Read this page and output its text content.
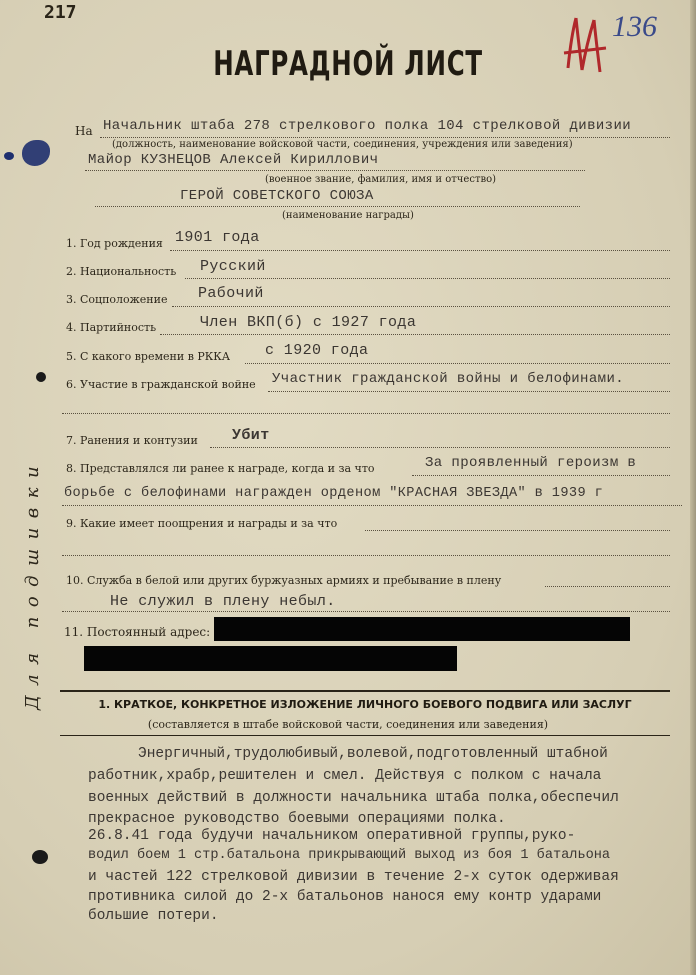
217	136
НАГРАДНОЙ ЛИСТ
На Начальник штаба 278 стрелкового полка 104 стрелковой дивизии
(должность, наименование войсковой части, соединения, учреждения или заведения)
Майор КУЗНЕЦОВ Алексей Кириллович
(военное звание, фамилия, имя и отчество)
ГЕРОЙ СОВЕТСКОГО СОЮЗА
(наименование награды)
1. Год рождения 1901 года
2. Национальность Русский
3. Соцположение Рабочий
4. Партийность	Член ВКП(б) с 1927 года
5. С какого времени в РККА с 1920 года
6. Участие в гражданской войне Участник гражданской войны и белофинами.
7. Ранения и контузии Убит
8. Представлялся ли ранее к награде, когда и за что	За проявленный героизм в
борьбе с белофинами награжден орденом "КРАСНАЯ ЗВЕЗДА" в 1939 г
9. Какие имеет поощрения и награды и за что
10. Служба в белой или других буржуазных армиях и пребывание в плену
Не служил в плену небыл.
11. Постоянный адрес:
Для подшивки	1. КРАТКОЕ, КОНКРЕТНОЕ ИЗЛОЖЕНИЕ ЛИЧНОГО БОЕВОГО ПОДВИГА ИЛИ ЗАСЛУГ
(составляется в штабе войсковой части, соединения или заведения)
Энергичный,трудолюбивый,волевой,подготовленный штабной
работник,храбр,решителен и смел. Действуя с полком с начала
военных действий в должности начальника штаба полка,обеспечил
прекрасное руководство боевыми операциями полка.
26.8.41 года будучи начальником оперативной группы,руко-
водил боем 1 стр.батальона прикрывающий выход из боя 1 батальона
и частей 122 стрелковой дивизии в течение 2-х суток одерживая
противника силой до 2-х батальонов нанося ему контр ударами
большие потери.
